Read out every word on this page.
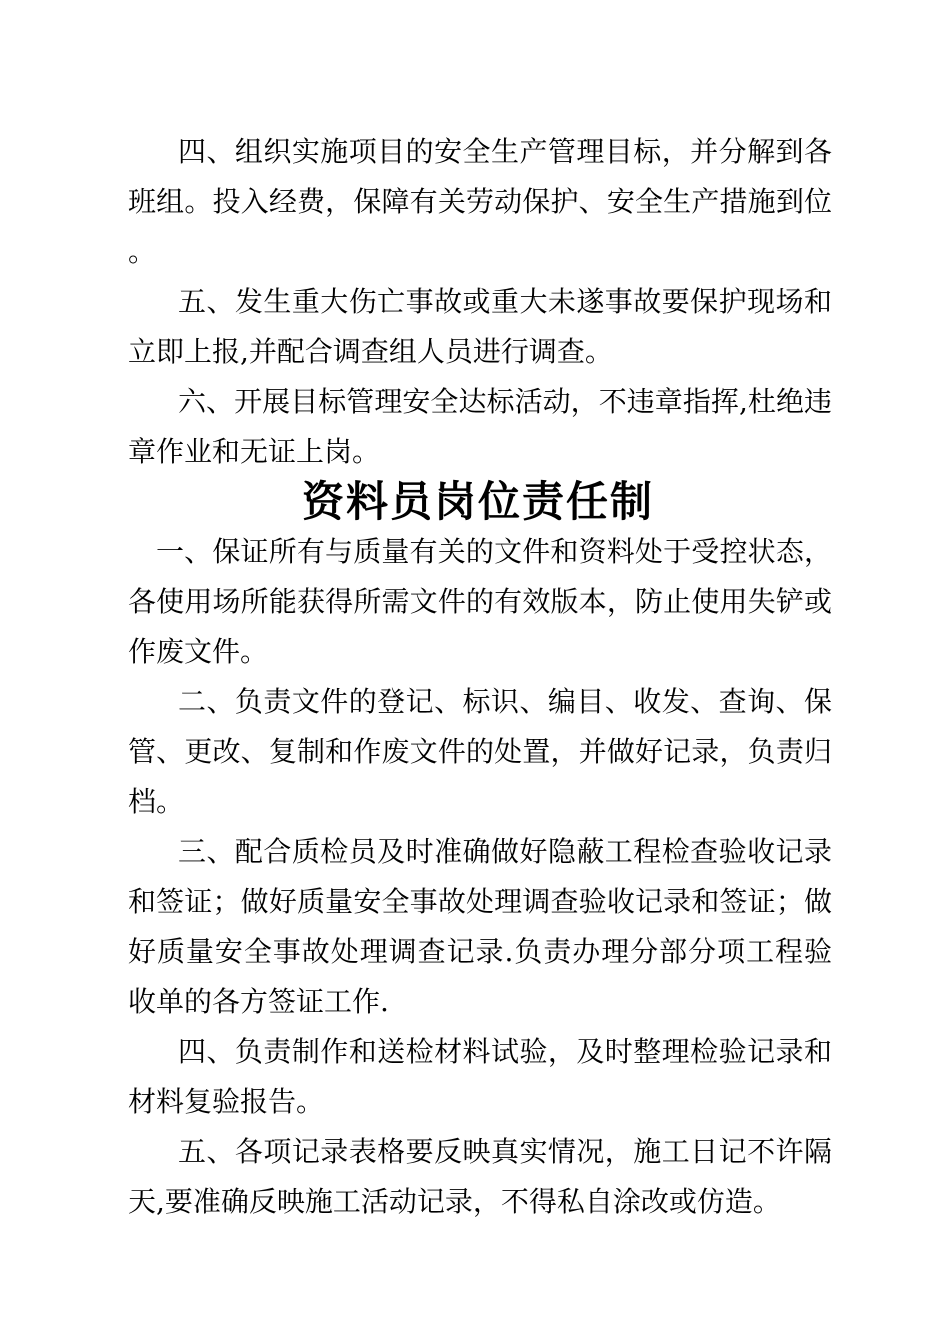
四、组织实施项目的安全生产管理目标，并分解到各班组。投入经费，保障有关劳动保护、安全生产措施到位。

五、发生重大伤亡事故或重大未遂事故要保护现场和立即上报,并配合调查组人员进行调查。

六、开展目标管理安全达标活动，不违章指挥,杜绝违章作业和无证上岗。

资料员岗位责任制

一、保证所有与质量有关的文件和资料处于受控状态，各使用场所能获得所需文件的有效版本，防止使用失铲或作废文件。

二、负责文件的登记、标识、编目、收发、查询、保管、更改、复制和作废文件的处置，并做好记录，负责归档。

三、配合质检员及时准确做好隐蔽工程检查验收记录和签证；做好质量安全事故处理调查验收记录和签证；做好质量安全事故处理调查记录.负责办理分部分项工程验收单的各方签证工作.

四、负责制作和送检材料试验，及时整理检验记录和材料复验报告。

五、各项记录表格要反映真实情况，施工日记不许隔天,要准确反映施工活动记录，不得私自涂改或仿造。
